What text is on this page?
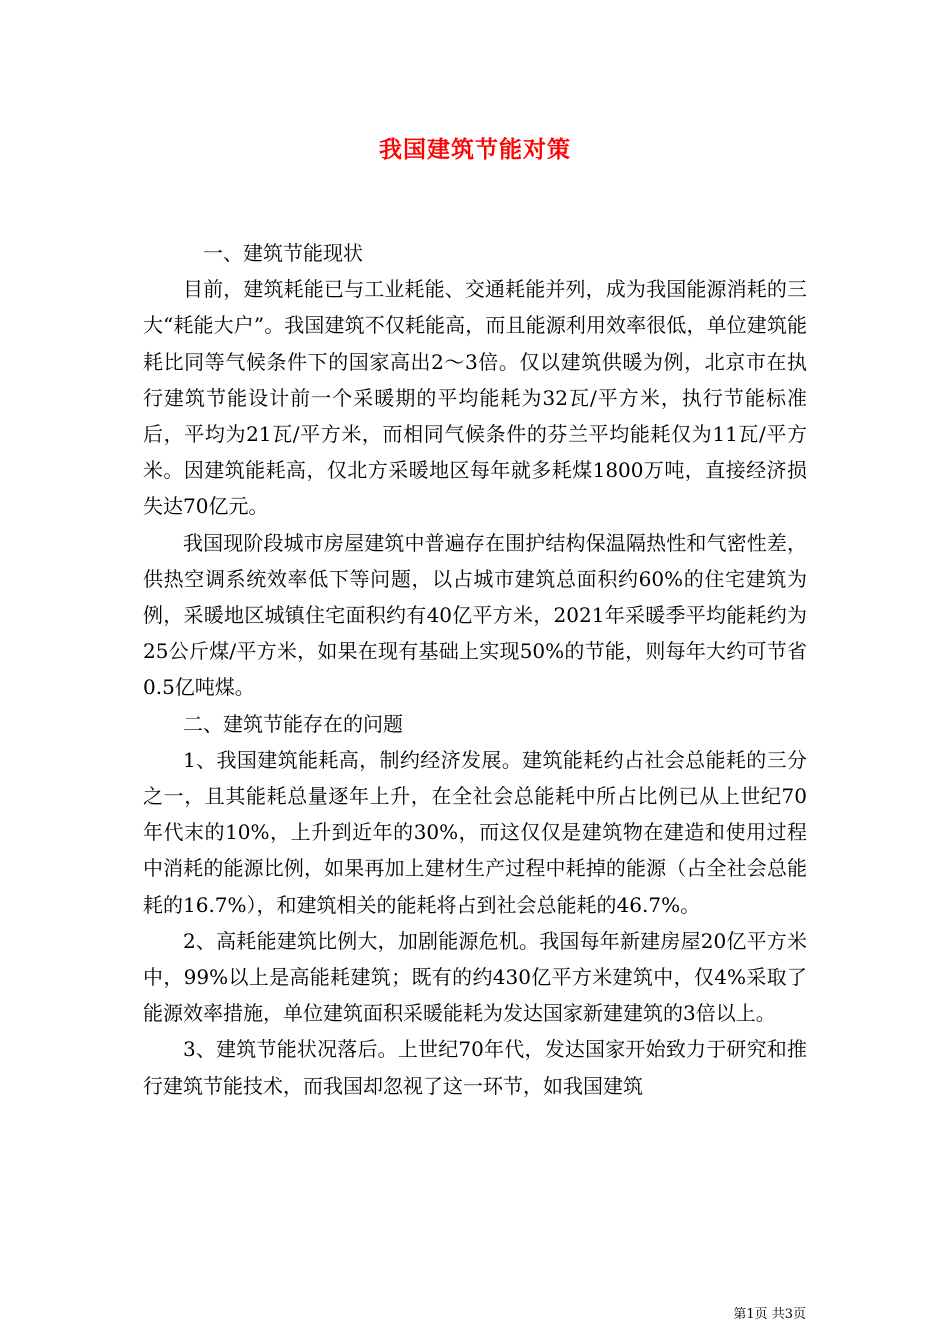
我国建筑节能对策

一、建筑节能现状

目前，建筑耗能已与工业耗能、交通耗能并列，成为我国能源消耗的三大“耗能大户”。我国建筑不仅耗能高，而且能源利用效率很低，单位建筑能耗比同等气候条件下的国家高出2～3倍。仅以建筑供暖为例，北京市在执行建筑节能设计前一个采暖期的平均能耗为32瓦/平方米，执行节能标准后，平均为21瓦/平方米，而相同气候条件的芬兰平均能耗仅为11瓦/平方米。因建筑能耗高，仅北方采暖地区每年就多耗煤1800万吨，直接经济损失达70亿元。

我国现阶段城市房屋建筑中普遍存在围护结构保温隔热性和气密性差，供热空调系统效率低下等问题，以占城市建筑总面积约60%的住宅建筑为例，采暖地区城镇住宅面积约有40亿平方米，2021年采暖季平均能耗约为25公斤煤/平方米，如果在现有基础上实现50%的节能，则每年大约可节省0.5亿吨煤。

二、建筑节能存在的问题

1、我国建筑能耗高，制约经济发展。建筑能耗约占社会总能耗的三分之一，且其能耗总量逐年上升，在全社会总能耗中所占比例已从上世纪70年代末的10%，上升到近年的30%，而这仅仅是建筑物在建造和使用过程中消耗的能源比例，如果再加上建材生产过程中耗掉的能源（占全社会总能耗的16.7%），和建筑相关的能耗将占到社会总能耗的46.7%。

2、高耗能建筑比例大，加剧能源危机。我国每年新建房屋20亿平方米中，99%以上是高能耗建筑；既有的约430亿平方米建筑中，仅4%采取了能源效率措施，单位建筑面积采暖能耗为发达国家新建建筑的3倍以上。

3、建筑节能状况落后。上世纪70年代，发达国家开始致力于研究和推行建筑节能技术，而我国却忽视了这一环节，如我国建筑

第1页 共3页
